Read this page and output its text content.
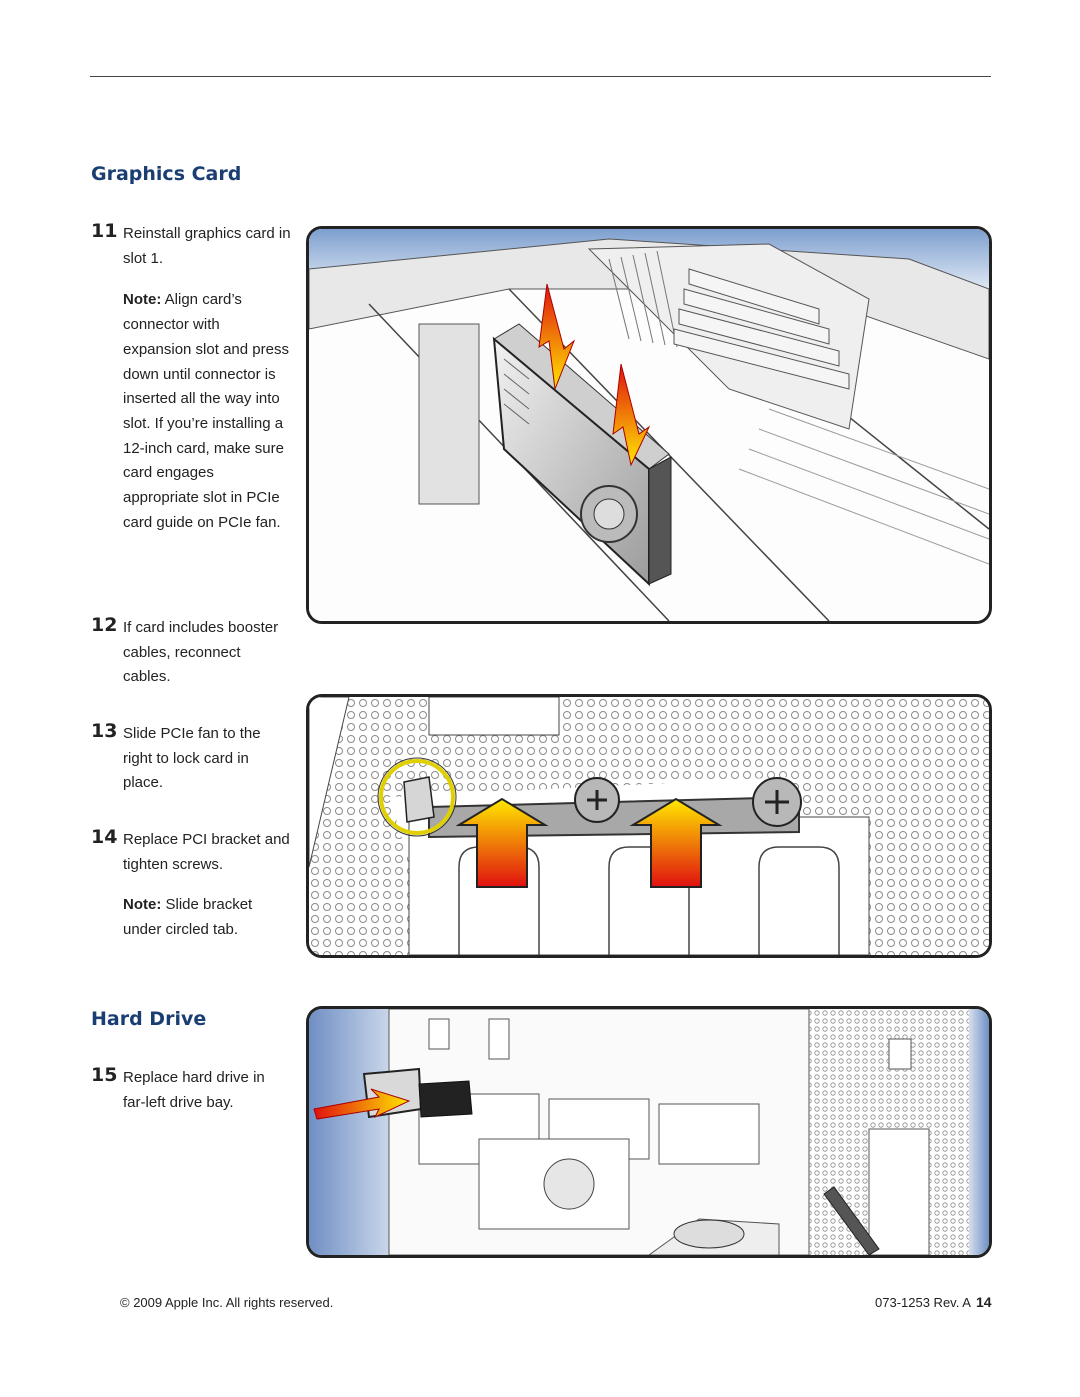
Graphics Card
11 Reinstall graphics card in slot 1.
Note: Align card’s connector with expansion slot and press down until connector is inserted all the way into slot. If you’re installing a 12-inch card, make sure card engages appropriate slot in PCIe card guide on PCIe fan.
12 If card includes booster cables, reconnect cables.
13 Slide PCIe fan to the right to lock card in place.
14 Replace PCI bracket and tighten screws.
Note: Slide bracket under circled tab.
Hard Drive
15 Replace hard drive in far-left drive bay.
© 2009 Apple Inc. All rights reserved.	073-1253 Rev. A 14
